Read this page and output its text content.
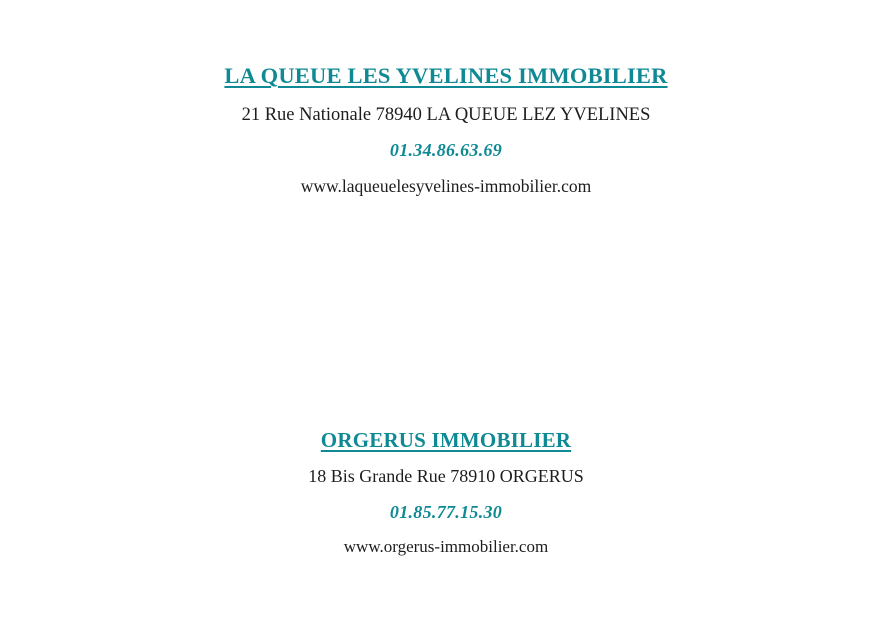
LA QUEUE LES YVELINES IMMOBILIER

21 Rue Nationale 78940 LA QUEUE LEZ YVELINES

01.34.86.63.69

www.laqueuelesyvelines-immobilier.com

ORGERUS IMMOBILIER

18 Bis Grande Rue 78910 ORGERUS

01.85.77.15.30

www.orgerus-immobilier.com
